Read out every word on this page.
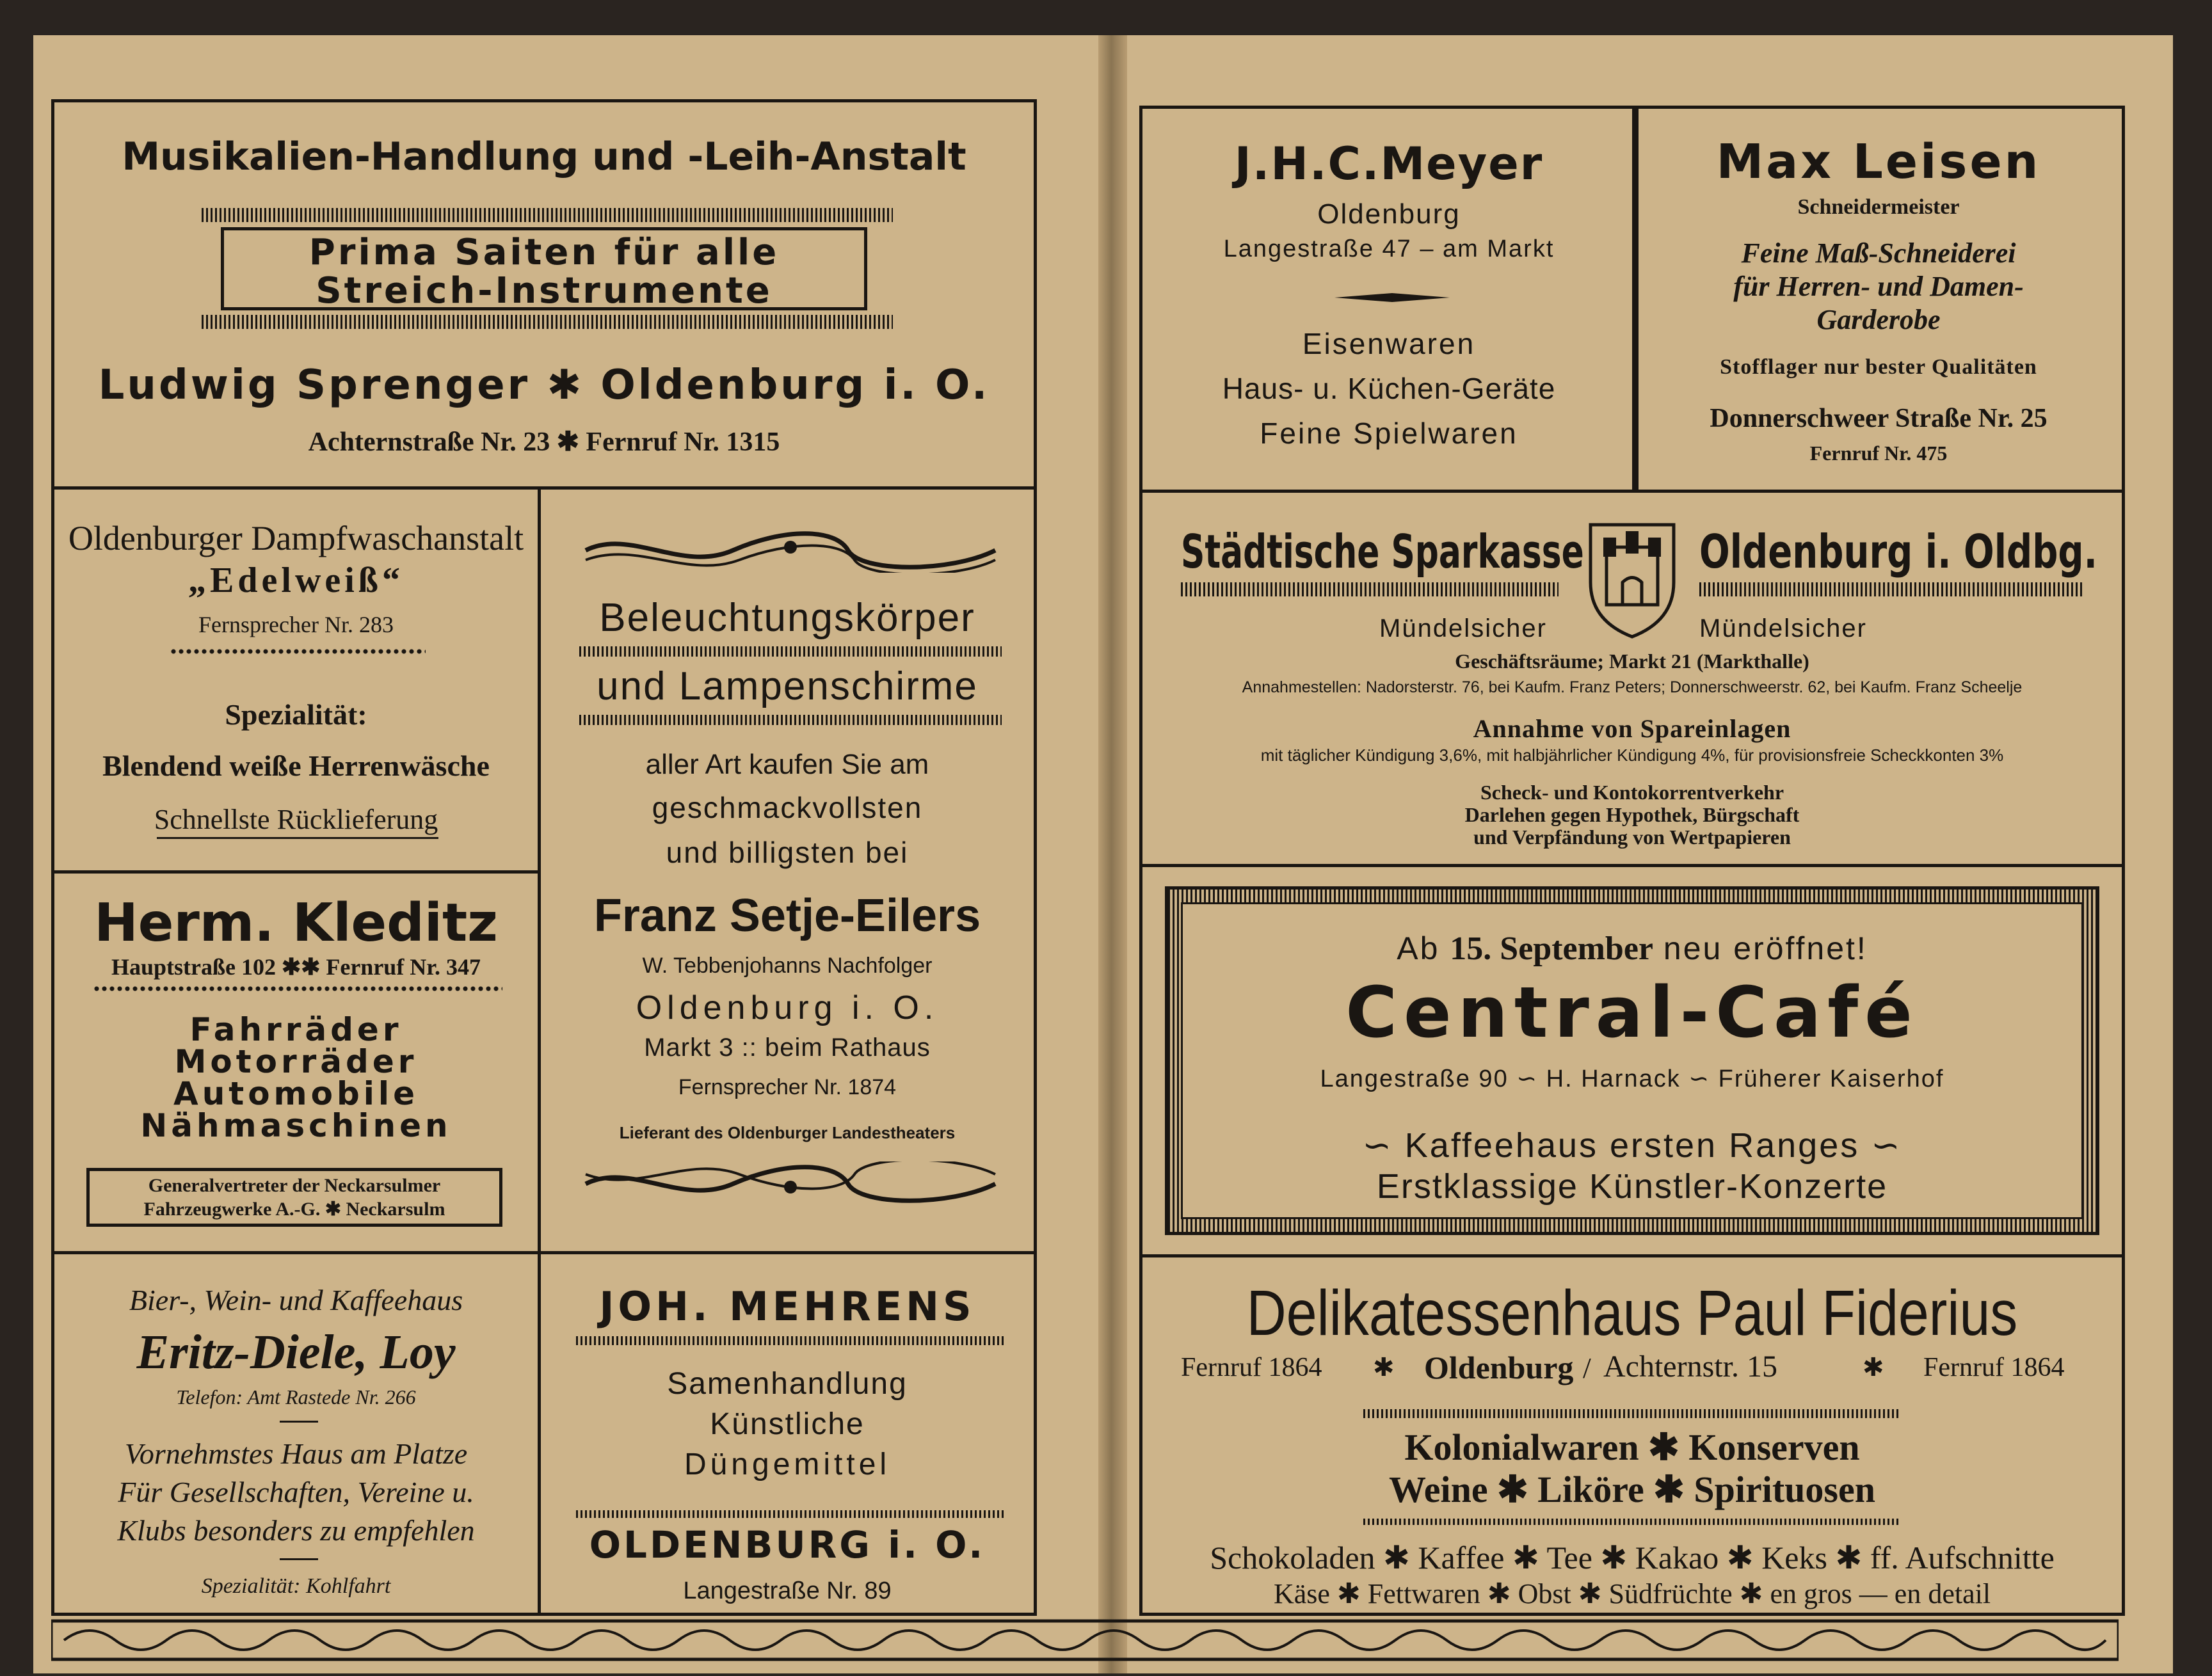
Musikalien-Handlung und -Leih-Anstalt
Prima Saiten für alle
Streich-Instrumente
Ludwig Sprenger ✱ Oldenburg i. O.
Achternstraße Nr. 23 ✱ Fernruf Nr. 1315
Oldenburger Dampfwaschanstalt
„Edelweiß“
Fernsprecher Nr. 283
Spezialität:
Blendend weiße Herrenwäsche
Schnellste Rücklieferung
Herm. Kleditz
Hauptstraße 102 ✱✱ Fernruf Nr. 347
Fahrräder
Motorräder
Automobile
Nähmaschinen
Generalvertreter der Neckarsulmer
Fahrzeugwerke A.-G. ✱ Neckarsulm
Beleuchtungskörper
und Lampenschirme
aller Art kaufen Sie am
geschmackvollsten
und billigsten bei
Franz Setje-Eilers
W. Tebbenjohanns Nachfolger
Oldenburg i. O.
Markt 3 :: beim Rathaus
Fernsprecher Nr. 1874
Lieferant des Oldenburger Landestheaters
Bier-, Wein- und Kaffeehaus
Eritz-Diele, Loy
Telefon: Amt Rastede Nr. 266
Vornehmstes Haus am Platze
Für Gesellschaften, Vereine u.
Klubs besonders zu empfehlen
Spezialität: Kohlfahrt
JOH. MEHRENS
Samenhandlung
Künstliche
Düngemittel
OLDENBURG i. O.
Langestraße Nr. 89
J.H.C.Meyer
Oldenburg
Langestraße 47 – am Markt
Eisenwaren
Haus- u. Küchen-Geräte
Feine Spielwaren
Max Leisen
Schneidermeister
Feine Maß-Schneiderei
für Herren- und Damen-
Garderobe
Stofflager nur bester Qualitäten
Donnerschweer Straße Nr. 25
Fernruf Nr. 475
Städtische Sparkasse	Oldenburg i. Oldbg.
Mündelsicher	Mündelsicher
Geschäftsräume; Markt 21 (Markthalle)
Annahmestellen: Nadorsterstr. 76, bei Kaufm. Franz Peters; Donnerschweerstr. 62, bei Kaufm. Franz Scheelje
Annahme von Spareinlagen
mit täglicher Kündigung 3,6%, mit halbjährlicher Kündigung 4%, für provisionsfreie Scheckkonten 3%
Scheck- und Kontokorrentverkehr
Darlehen gegen Hypothek, Bürgschaft
und Verpfändung von Wertpapieren
Ab 15. September neu eröffnet!
Central-Café
Langestraße 90 ∽ H. Harnack ∽ Früherer Kaiserhof
∽ Kaffeehaus ersten Ranges ∽
Erstklassige Künstler-Konzerte
Delikatessenhaus Paul Fiderius
Fernruf 1864 ✱ Oldenburg / Achternstr. 15	✱ Fernruf 1864
Kolonialwaren ✱ Konserven
Weine ✱ Liköre ✱ Spirituosen
Schokoladen ✱ Kaffee ✱ Tee ✱ Kakao ✱ Keks ✱ ff. Aufschnitte
Käse ✱ Fettwaren ✱ Obst ✱ Südfrüchte ✱ en gros — en detail
